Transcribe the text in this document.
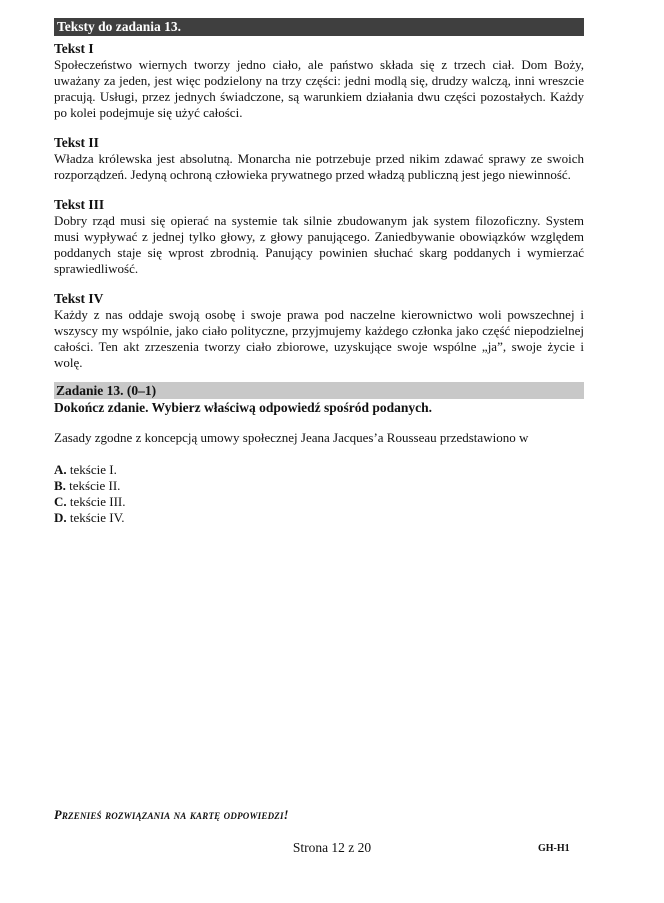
Teksty do zadania 13.
Tekst I
Społeczeństwo wiernych tworzy jedno ciało, ale państwo składa się z trzech ciał. Dom Boży, uważany za jeden, jest więc podzielony na trzy części: jedni modlą się, drudzy walczą, inni wreszcie pracują. Usługi, przez jednych świadczone, są warunkiem działania dwu części pozostałych. Każdy po kolei podejmuje się użyć całości.
Tekst II
Władza królewska jest absolutną. Monarcha nie potrzebuje przed nikim zdawać sprawy ze swoich rozporządzeń. Jedyną ochroną człowieka prywatnego przed władzą publiczną jest jego niewinność.
Tekst III
Dobry rząd musi się opierać na systemie tak silnie zbudowanym jak system filozoficzny. System musi wypływać z jednej tylko głowy, z głowy panującego. Zaniedbywanie obowiązków względem poddanych staje się wprost zbrodnią. Panujący powinien słuchać skarg poddanych i wymierzać sprawiedliwość.
Tekst IV
Każdy z nas oddaje swoją osobę i swoje prawa pod naczelne kierownictwo woli powszechnej i wszyscy my wspólnie, jako ciało polityczne, przyjmujemy każdego członka jako część niepodzielnej całości. Ten akt zrzeszenia tworzy ciało zbiorowe, uzyskujące swoje wspólne „ja”, swoje życie i wolę.
Zadanie 13. (0–1)
Dokończ zdanie. Wybierz właściwą odpowiedź spośród podanych.
Zasady zgodne z koncepcją umowy społecznej Jeana Jacques’a Rousseau przedstawiono w
A. tekście I.
B. tekście II.
C. tekście III.
D. tekście IV.
Przenieś rozwiązania na kartę odpowiedzi!
Strona 12 z 20	GH-H1
